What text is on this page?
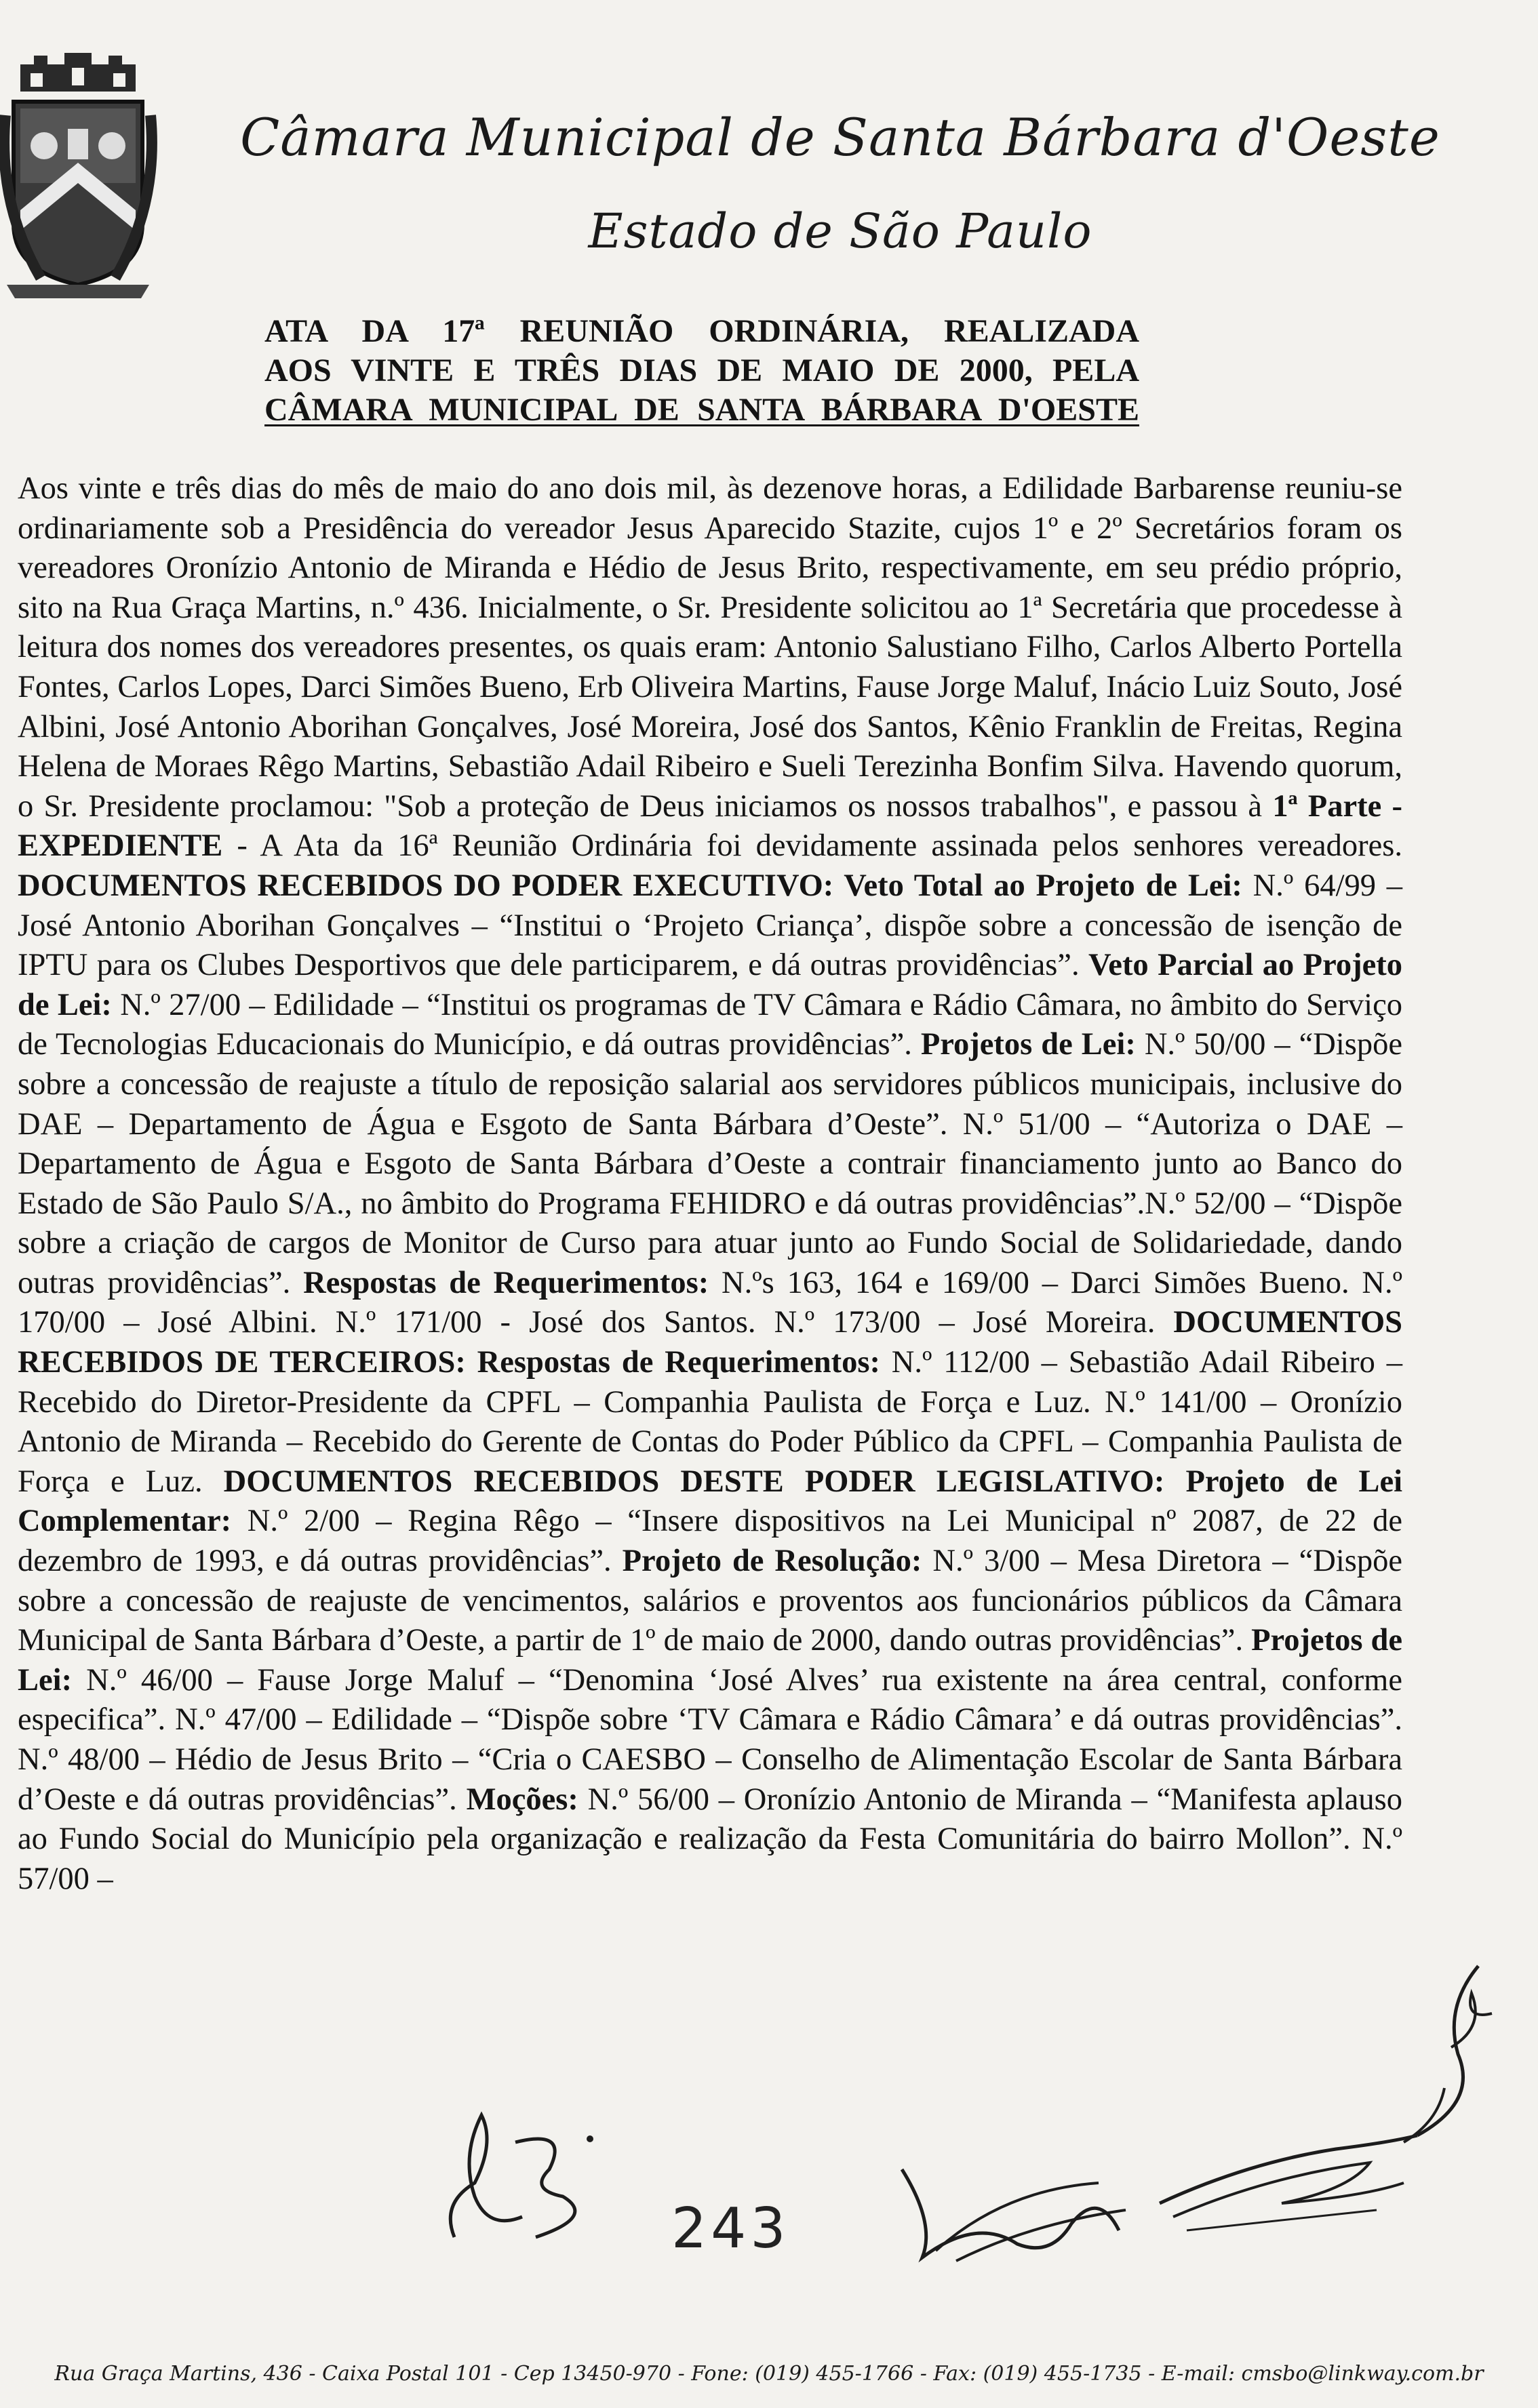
Câmara Municipal de Santa Bárbara d'Oeste
Estado de São Paulo
ATA DA 17ª REUNIÃO ORDINÁRIA, REALIZADA
AOS VINTE E TRÊS DIAS DE MAIO DE 2000, PELA
CÂMARA MUNICIPAL DE SANTA BÁRBARA D'OESTE
Aos vinte e três dias do mês de maio do ano dois mil, às dezenove horas, a Edilidade Barbarense reuniu-se ordinariamente sob a Presidência do vereador Jesus Aparecido Stazite, cujos 1º e 2º Secretários foram os vereadores Oronízio Antonio de Miranda e Hédio de Jesus Brito, respectivamente, em seu prédio próprio, sito na Rua Graça Martins, n.º 436. Inicialmente, o Sr. Presidente solicitou ao 1ª Secretária que procedesse à leitura dos nomes dos vereadores presentes, os quais eram: Antonio Salustiano Filho, Carlos Alberto Portella Fontes, Carlos Lopes, Darci Simões Bueno, Erb Oliveira Martins, Fause Jorge Maluf, Inácio Luiz Souto, José Albini, José Antonio Aborihan Gonçalves, José Moreira, José dos Santos, Kênio Franklin de Freitas, Regina Helena de Moraes Rêgo Martins, Sebastião Adail Ribeiro e Sueli Terezinha Bonfim Silva. Havendo quorum, o Sr. Presidente proclamou: "Sob a proteção de Deus iniciamos os nossos trabalhos", e passou à 1ª Parte - EXPEDIENTE - A Ata da 16ª Reunião Ordinária foi devidamente assinada pelos senhores vereadores. DOCUMENTOS RECEBIDOS DO PODER EXECUTIVO: Veto Total ao Projeto de Lei: N.º 64/99 – José Antonio Aborihan Gonçalves – “Institui o ‘Projeto Criança’, dispõe sobre a concessão de isenção de IPTU para os Clubes Desportivos que dele participarem, e dá outras providências”. Veto Parcial ao Projeto de Lei: N.º 27/00 – Edilidade – “Institui os programas de TV Câmara e Rádio Câmara, no âmbito do Serviço de Tecnologias Educacionais do Município, e dá outras providências”. Projetos de Lei: N.º 50/00 – “Dispõe sobre a concessão de reajuste a título de reposição salarial aos servidores públicos municipais, inclusive do DAE – Departamento de Água e Esgoto de Santa Bárbara d’Oeste”. N.º 51/00 – “Autoriza o DAE – Departamento de Água e Esgoto de Santa Bárbara d’Oeste a contrair financiamento junto ao Banco do Estado de São Paulo S/A., no âmbito do Programa FEHIDRO e dá outras providências”.N.º 52/00 – “Dispõe sobre a criação de cargos de Monitor de Curso para atuar junto ao Fundo Social de Solidariedade, dando outras providências”. Respostas de Requerimentos: N.ºs 163, 164 e 169/00 – Darci Simões Bueno. N.º 170/00 – José Albini. N.º 171/00 - José dos Santos. N.º 173/00 – José Moreira. DOCUMENTOS RECEBIDOS DE TERCEIROS: Respostas de Requerimentos: N.º 112/00 – Sebastião Adail Ribeiro – Recebido do Diretor-Presidente da CPFL – Companhia Paulista de Força e Luz. N.º 141/00 – Oronízio Antonio de Miranda – Recebido do Gerente de Contas do Poder Público da CPFL – Companhia Paulista de Força e Luz. DOCUMENTOS RECEBIDOS DESTE PODER LEGISLATIVO: Projeto de Lei Complementar: N.º 2/00 – Regina Rêgo – “Insere dispositivos na Lei Municipal nº 2087, de 22 de dezembro de 1993, e dá outras providências”. Projeto de Resolução: N.º 3/00 – Mesa Diretora – “Dispõe sobre a concessão de reajuste de vencimentos, salários e proventos aos funcionários públicos da Câmara Municipal de Santa Bárbara d’Oeste, a partir de 1º de maio de 2000, dando outras providências”. Projetos de Lei: N.º 46/00 – Fause Jorge Maluf – “Denomina ‘José Alves’ rua existente na área central, conforme especifica”. N.º 47/00 – Edilidade – “Dispõe sobre ‘TV Câmara e Rádio Câmara’ e dá outras providências”. N.º 48/00 – Hédio de Jesus Brito – “Cria o CAESBO – Conselho de Alimentação Escolar de Santa Bárbara d’Oeste e dá outras providências”. Moções: N.º 56/00 – Oronízio Antonio de Miranda – “Manifesta aplauso ao Fundo Social do Município pela organização e realização da Festa Comunitária do bairro Mollon”. N.º 57/00 –
243
Rua Graça Martins, 436 - Caixa Postal 101 - Cep 13450-970 - Fone: (019) 455-1766 - Fax: (019) 455-1735 - E-mail: cmsbo@linkway.com.br
